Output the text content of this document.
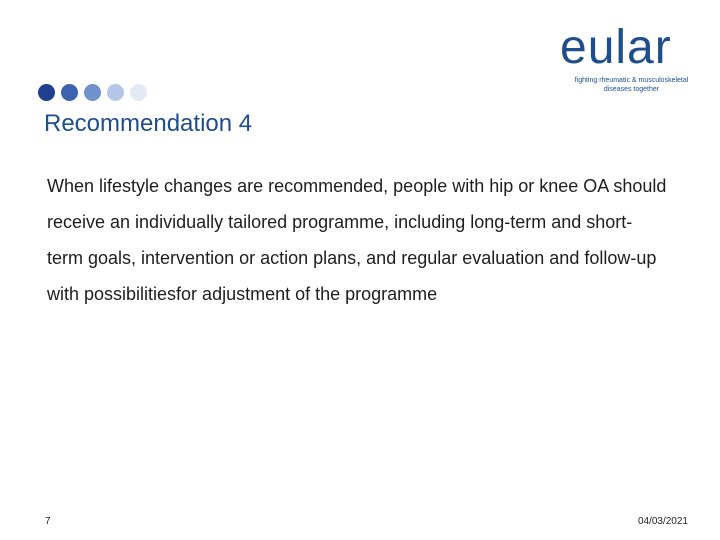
eular
fighting rheumatic & musculoskeletal
diseases together
Recommendation 4

When lifestyle changes are recommended, people with hip or knee OA should receive an individually tailored programme, including long-term and short-term goals, intervention or action plans, and regular evaluation and follow-up with possibilitiesfor adjustment of the programme

7	04/03/2021
